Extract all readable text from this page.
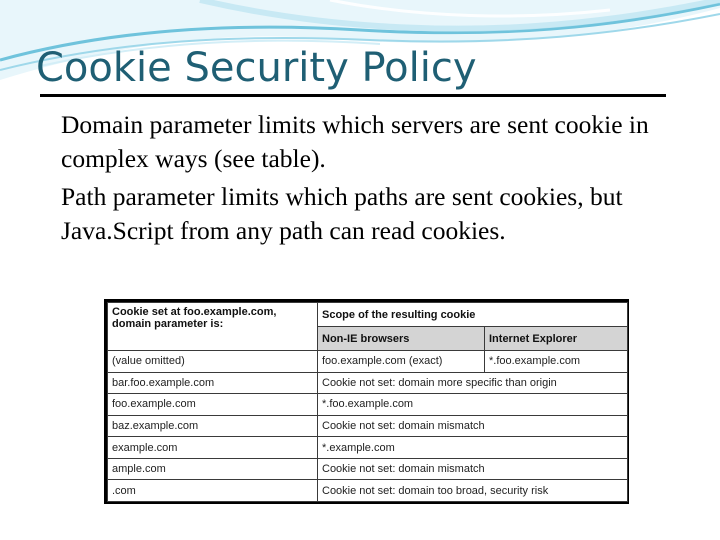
Cookie Security Policy
Domain parameter limits which servers are sent cookie in complex ways (see table).
Path parameter limits which paths are sent cookies, but Java.Script from any path can read cookies.
Cookie set at foo.example.com,
domain parameter is:	Scope of the resulting cookie	
	Non-IE browsers	Internet Explorer
(value omitted)	foo.example.com (exact)	*.foo.example.com
bar.foo.example.com	Cookie not set: domain more specific than origin	
foo.example.com	*.foo.example.com	
baz.example.com	Cookie not set: domain mismatch	
example.com	*.example.com	
ample.com	Cookie not set: domain mismatch	
.com	Cookie not set: domain too broad, security risk	
